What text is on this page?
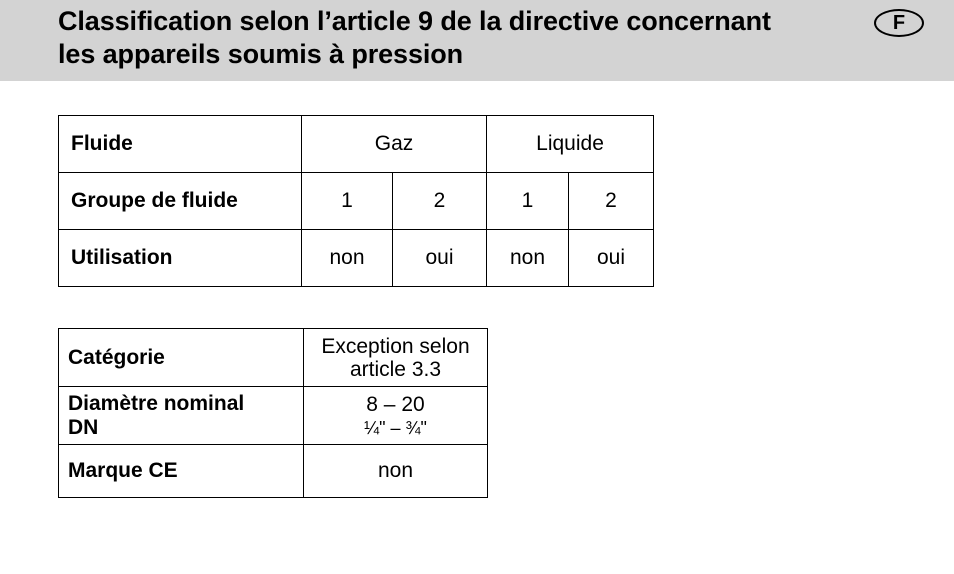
Classification selon l’article 9 de la directive concernant
les appareils soumis à pression
F
Fluide	Gaz		Liquide	
Groupe de fluide	1	2	1	2
Utilisation	non	oui	non	oui
Catégorie	Exception selon
article 3.3

Diamètre nominal
DN	8 – 20
¼" – ¾"

Marque CE	non
